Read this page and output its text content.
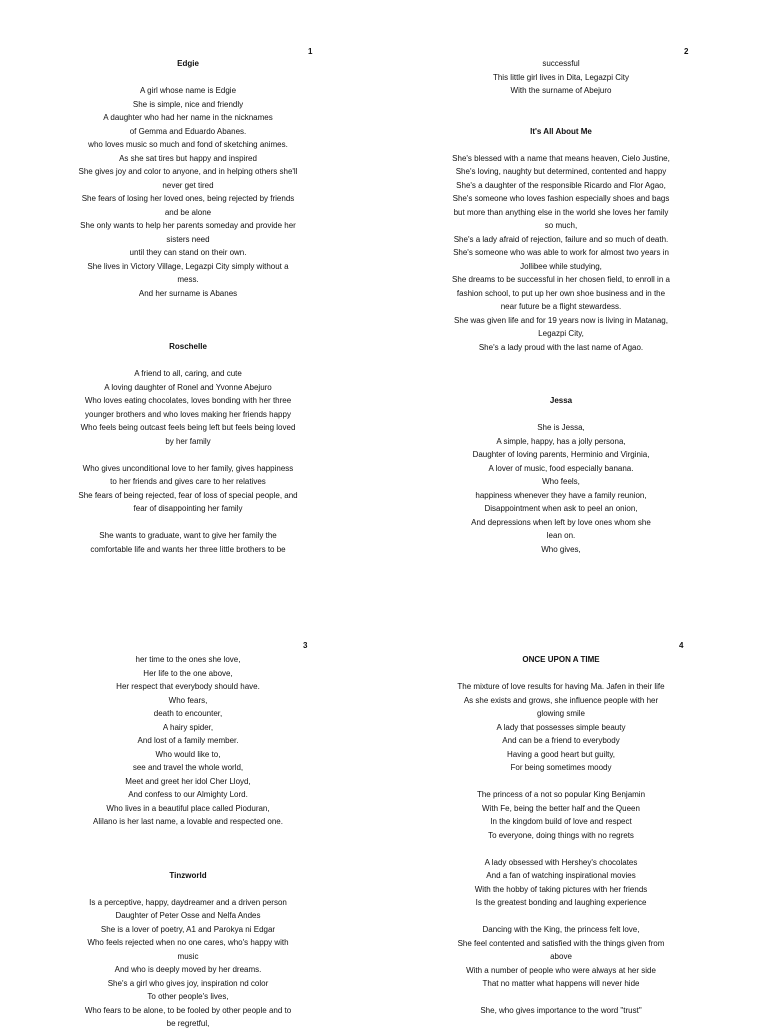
1
Edgie
A girl whose name is Edgie
She is simple, nice and friendly
A daughter who had her name in the nicknames
of Gemma and Eduardo Abanes.
who loves music so much and fond of sketching animes.
As she sat tires but happy and inspired
She gives joy and color to anyone, and in helping others she'll
never get tired
She fears of losing her loved ones, being rejected by friends
and be alone
She only wants to help her parents someday and provide her
sisters need
until they can stand on their own.
She lives in Victory Village, Legazpi City simply without a
mess.
And her surname is Abanes
Roschelle
A friend to all, caring, and cute
A loving daughter of Ronel and Yvonne Abejuro
Who loves eating chocolates, loves bonding with her three
younger brothers and who loves making her friends happy
Who feels being outcast feels being left but feels being loved
by her family
Who gives unconditional love to her family, gives happiness
to her friends and gives care to her relatives
She fears of being rejected, fear of loss of special people, and
fear of disappointing her family
She wants to graduate, want to give her family the
comfortable life and wants her three little brothers to be
2
successful
This little girl lives in Dita, Legazpi City
With the surname of Abejuro
It's All About Me
She's blessed with a name that means heaven, Cielo Justine,
She's loving, naughty but determined, contented and happy
She's a daughter of the responsible Ricardo and Flor Agao,
She's someone who loves fashion especially shoes and bags
but more than anything else in the world she loves her family
so much,
She's a lady afraid of rejection, failure and so much of death.
She's someone who was able to work for almost two years in
Jollibee while studying,
She dreams to be successful in her chosen field, to enroll in a
fashion school, to put up her own shoe business and in the
near future be a flight stewardess.
She was given life and for 19 years now is living in Matanag,
Legazpi City,
She's a lady proud with the last name of Agao.
Jessa
She is Jessa,
A simple, happy, has a jolly persona,
Daughter of loving parents, Herminio and Virginia,
A lover of music, food especially banana.
Who feels,
happiness whenever they have a family reunion,
Disappointment when ask to peel an onion,
And depressions when left by love ones whom she
lean on.
Who gives,
3
her time to the ones she love,
Her life to the one above,
Her respect that everybody should have.
Who fears,
death to encounter,
A hairy spider,
And lost of a family member.
Who would like to,
see and travel the whole world,
Meet and greet her idol Cher Lloyd,
And confess to our Almighty Lord.
Who lives in a beautiful place called Pioduran,
Alilano is her last name, a lovable and respected one.
Tinzworld
Is a perceptive, happy, daydreamer and a driven person
Daughter of Peter Osse and Nelfa Andes
She is a lover of poetry, A1 and Parokya ni Edgar
Who feels rejected when no one cares, who's happy with
music
And who is deeply moved by her dreams.
She's a girl who gives joy, inspiration nd color
To other people's lives,
Who fears to be alone, to be fooled by other people and to
be regretful,
4
ONCE UPON A TIME
The mixture of love results for having Ma. Jafen in their life
As she exists and grows, she influence people with her
glowing smile
A lady that possesses simple beauty
And can be a friend to everybody
Having a good heart but guilty,
For being sometimes moody
The princess of a not so popular King Benjamin
With Fe, being the better half and the Queen
In the kingdom build of love and respect
To everyone, doing things with no regrets
A lady obsessed with Hershey's chocolates
And a fan of watching inspirational movies
With the hobby of taking pictures with her friends
Is the greatest bonding and laughing experience
Dancing with the King, the princess felt love,
She feel contented and satisfied with the things given from
above
With a number of people who were always at her side
That no matter what happens will never hide
She, who gives importance to the word "trust"
